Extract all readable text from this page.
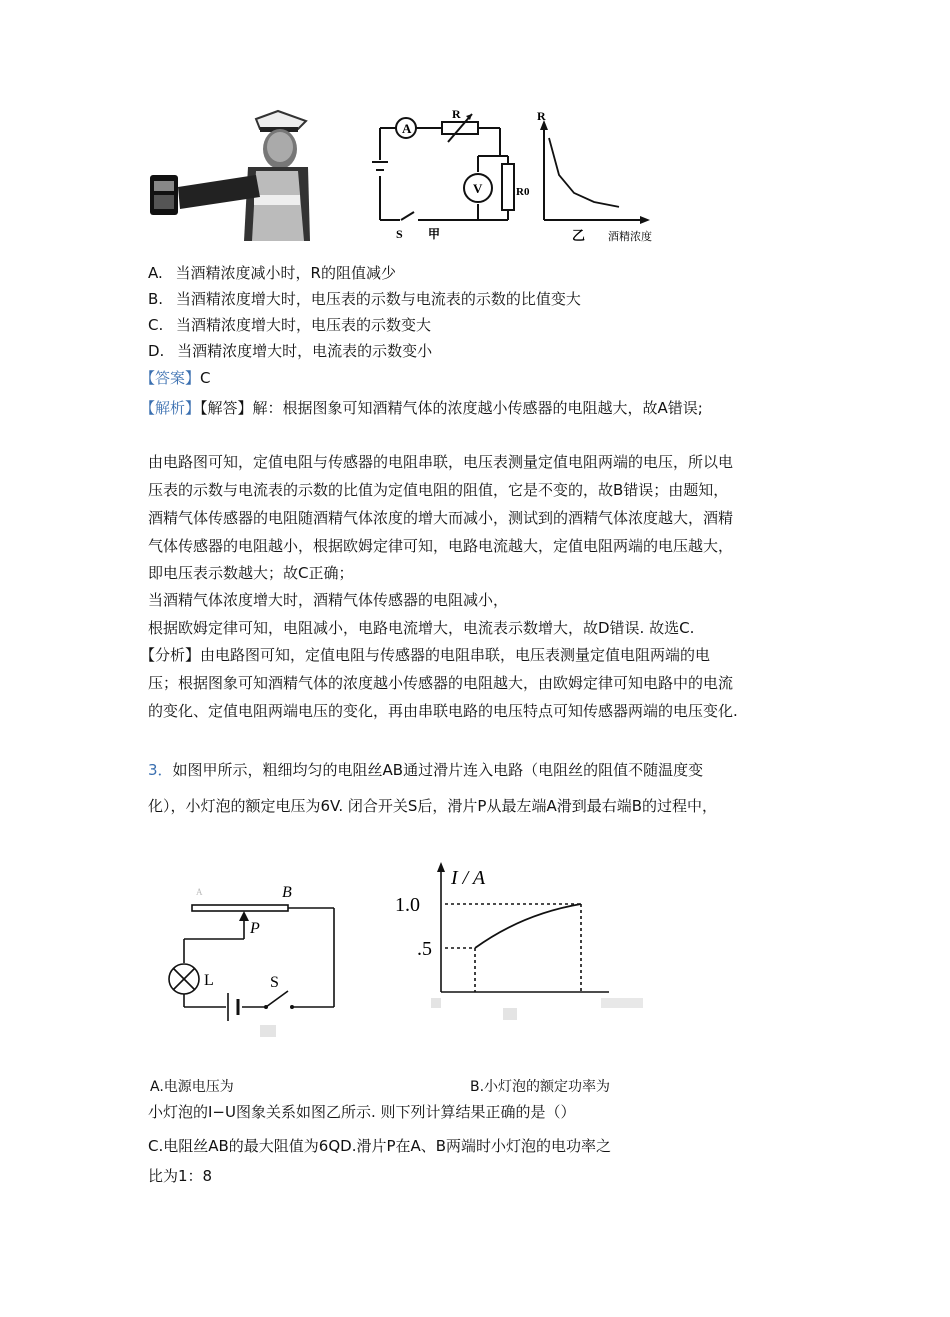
A
V
R
R0
S 甲
R
乙 酒精浓度
A. 当酒精浓度减小时，R的阻值减少
B. 当酒精浓度增大时，电压表的示数与电流表的示数的比值变大
C. 当酒精浓度增大时，电压表的示数变大
D. 当酒精浓度增大时，电流表的示数变小
【答案】C
【解析】【解答】解：根据图象可知酒精气体的浓度越小传感器的电阻越大，故A错误;
由电路图可知，定值电阻与传感器的电阻串联，电压表测量定值电阻两端的电压，所以电
压表的示数与电流表的示数的比值为定值电阻的阻值，它是不变的，故B错误；由题知，
酒精气体传感器的电阻随酒精气体浓度的增大而减小，测试到的酒精气体浓度越大，酒精
气体传感器的电阻越小，根据欧姆定律可知，电路电流越大，定值电阻两端的电压越大，
即电压表示数越大；故C正确；
当酒精气体浓度增大时，酒精气体传感器的电阻减小，
根据欧姆定律可知，电阻减小，电路电流增大，电流表示数增大，故D错误. 故选C.
【分析】由电路图可知，定值电阻与传感器的电阻串联，电压表测量定值电阻两端的电
压；根据图象可知酒精气体的浓度越小传感器的电阻越大，由欧姆定律可知电路中的电流
的变化、定值电阻两端电压的变化，再由串联电路的电压特点可知传感器两端的电压变化.
3．如图甲所示，粗细均匀的电阻丝AB通过滑片连入电路（电阻丝的阻值不随温度变
化），小灯泡的额定电压为6V. 闭合开关S后，滑片P从最左端A滑到最右端B的过程中，
A	B
P
L	S
I / A
1.0
.5
A.电源电压为	B.小灯泡的额定功率为
小灯泡的I−U图象关系如图乙所示. 则下列计算结果正确的是（）
C.电阻丝AB的最大阻值为6QD.滑片P在A、B两端时小灯泡的电功率之
比为1：8
